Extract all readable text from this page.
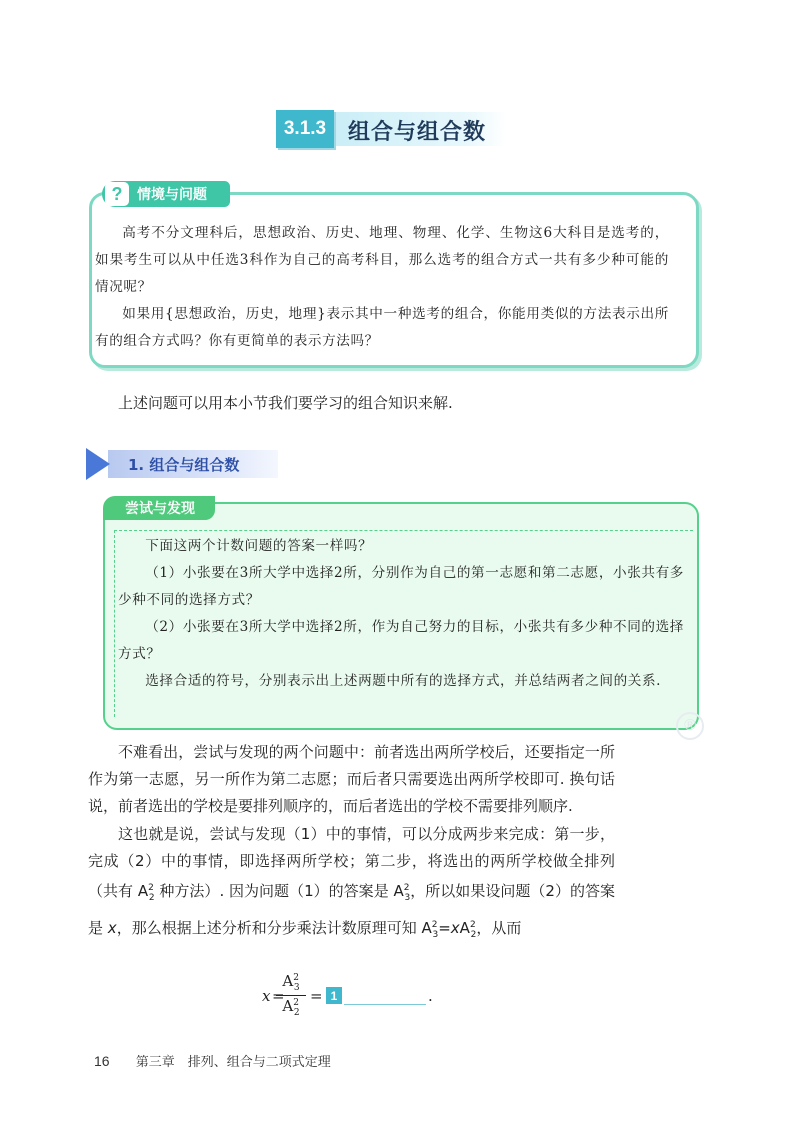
3.1.3 组合与组合数
?	情境与问题

高考不分文理科后，思想政治、历史、地理、物理、化学、生物这6大科目是选考的，如果考生可以从中任选3科作为自己的高考科目，那么选考的组合方式一共有多少种可能的情况呢？

如果用{思想政治，历史，地理}表示其中一种选考的组合，你能用类似的方法表示出所有的组合方式吗？你有更简单的表示方法吗？

上述问题可以用本小节我们要学习的组合知识来解.
1. 组合与组合数
尝试与发现

下面这两个计数问题的答案一样吗？

（1）小张要在3所大学中选择2所，分别作为自己的第一志愿和第二志愿，小张共有多少种不同的选择方式？

（2）小张要在3所大学中选择2所，作为自己努力的目标，小张共有多少种不同的选择方式？

选择合适的符号，分别表示出上述两题中所有的选择方式，并总结两者之间的关系.

®

不难看出，尝试与发现的两个问题中：前者选出两所学校后，还要指定一所作为第一志愿，另一所作为第二志愿；而后者只需要选出两所学校即可. 换句话说，前者选出的学校是要排列顺序的，而后者选出的学校不需要排列顺序.

这也就是说，尝试与发现（1）中的事情，可以分成两步来完成：第一步，完成（2）中的事情，即选择两所学校；第二步，将选出的两所学校做全排列（共有 $A^2_2$ 种方法）. 因为问题（1）的答案是 $A^2_3$，所以如果设问题（2）的答案是 x，那么根据上述分析和分步乘法计数原理可知 $A^2_3=xA^2_2$，从而

x $\frac{A^2_3}{A^2_2} = 1$	.
=
16 第三章　排列、组合与二项式定理
